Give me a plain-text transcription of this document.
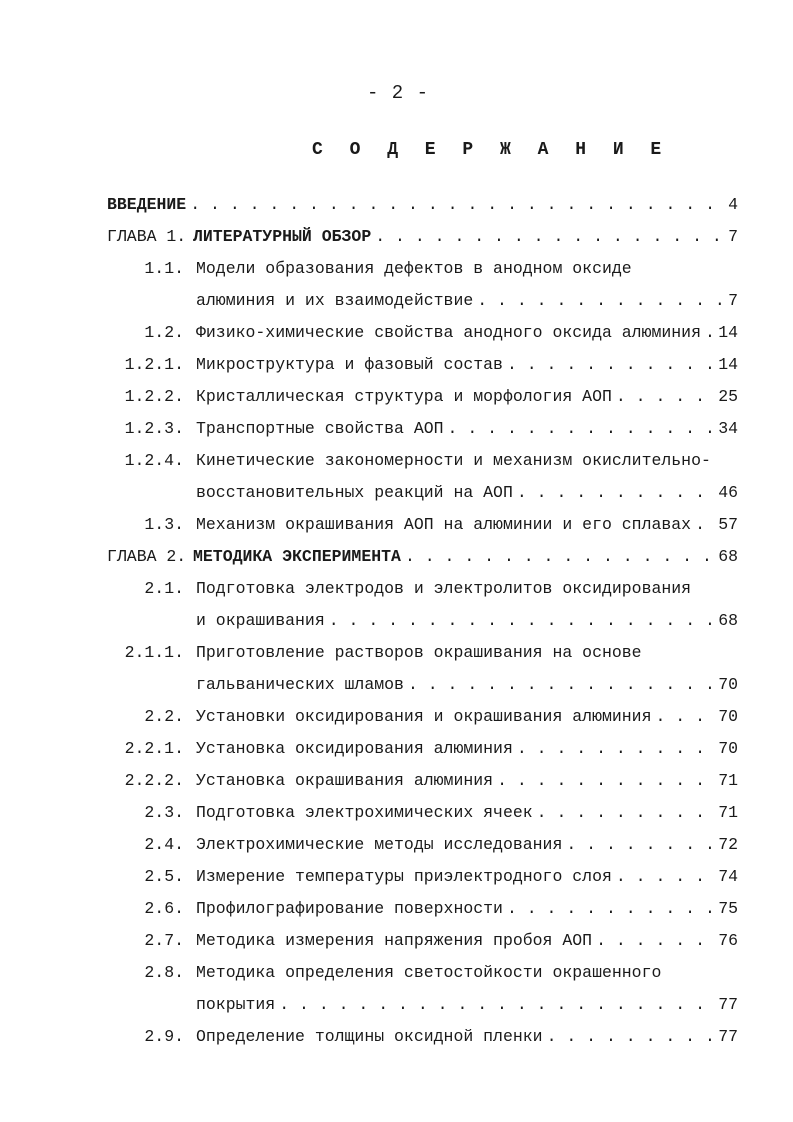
- 2 -
С О Д Е Р Ж А Н И Е
ВВЕДЕНИЕ . . .	4
ГЛАВА 1. ЛИТЕРАТУРНЫЙ ОБЗОР . . .	7
1.1. Модели образования дефектов в анодном оксиде
алюминия и их взаимодействие . . .	7
1.2. Физико-химические свойства анодного оксида алюминия . . . 14
1.2.1. Микроструктура и фазовый состав . . .	14
1.2.2. Кристаллическая структура и морфология АОП . . .	25
1.2.3. Транспортные свойства АОП . . .	34
1.2.4. Кинетические закономерности и механизм окислительно-
восстановительных реакций на АОП . . .	46
1.3. Механизм окрашивания АОП на алюминии и его сплавах . . . 57
ГЛАВА 2. МЕТОДИКА ЭКСПЕРИМЕНТА . . .	68
2.1. Подготовка электродов и электролитов оксидирования
и окрашивания . . .	68
2.1.1. Приготовление растворов окрашивания на основе
гальванических шламов . . .	70
2.2. Установки оксидирования и окрашивания алюминия . . .	70
2.2.1. Установка оксидирования алюминия . . .	70
2.2.2. Установка окрашивания алюминия . . .	71
2.3. Подготовка электрохимических ячеек . . .	71
2.4. Электрохимические методы исследования . . .	72
2.5. Измерение температуры приэлектродного слоя . . .	74
2.6. Профилографирование поверхности . . .	75
2.7. Методика измерения напряжения пробоя АОП . . .	76
2.8. Методика определения светостойкости окрашенного
покрытия . . .	77
2.9. Определение толщины оксидной пленки . . .	77
